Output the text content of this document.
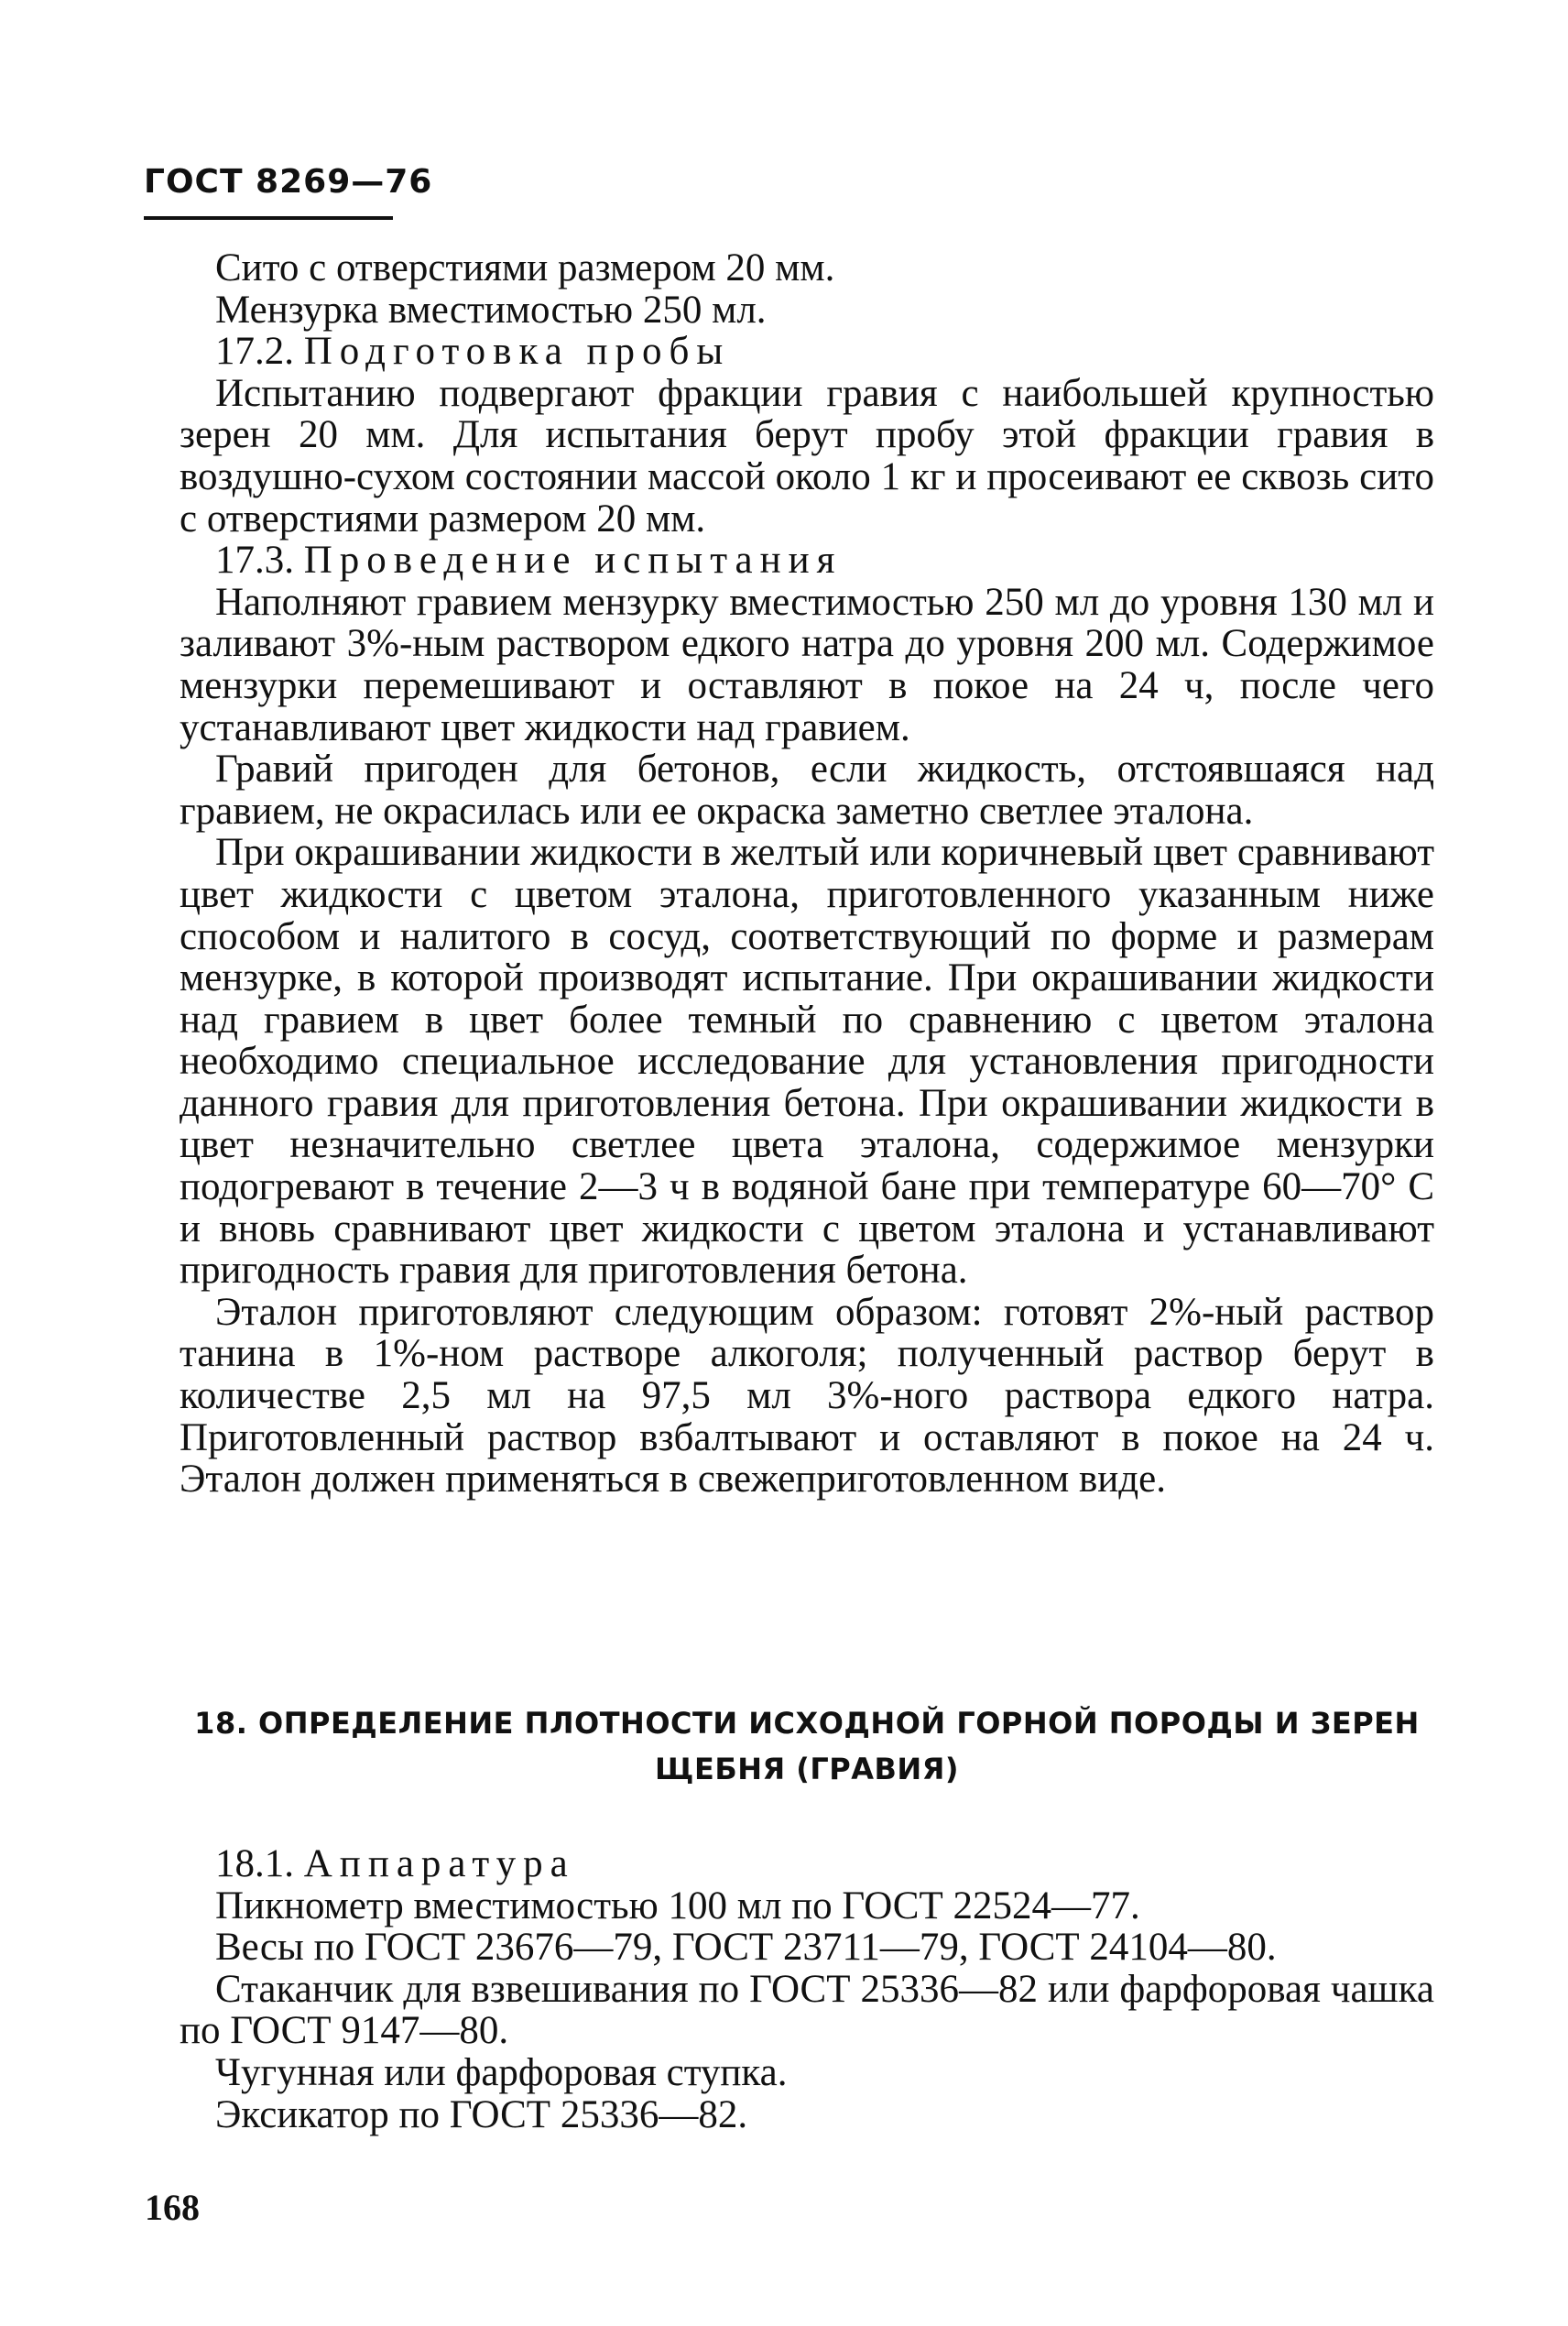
ГОСТ 8269—76

Сито с отверстиями размером 20 мм.

Мензурка вместимостью 250 мл.

17.2. Подготовка пробы

Испытанию подвергают фракции гравия с наибольшей крупностью зерен 20 мм. Для испытания берут пробу этой фракции гравия в воздушно-сухом состоянии массой около 1 кг и просеивают ее сквозь сито с отверстиями размером 20 мм.

17.3. Проведение испытания

Наполняют гравием мензурку вместимостью 250 мл до уровня 130 мл и заливают 3%-ным раствором едкого натра до уровня 200 мл. Содержимое мензурки перемешивают и оставляют в покое на 24 ч, после чего устанавливают цвет жидкости над гравием.

Гравий пригоден для бетонов, если жидкость, отстоявшаяся над гравием, не окрасилась или ее окраска заметно светлее эталона.

При окрашивании жидкости в желтый или коричневый цвет сравнивают цвет жидкости с цветом эталона, приготовленного указанным ниже способом и налитого в сосуд, соответствующий по форме и размерам мензурке, в которой производят испытание. При окрашивании жидкости над гравием в цвет более темный по сравнению с цветом эталона необходимо специальное исследование для установления пригодности данного гравия для приготовления бетона. При окрашивании жидкости в цвет незначительно светлее цвета эталона, содержимое мензурки подогревают в течение 2—3 ч в водяной бане при температуре 60—70° С и вновь сравнивают цвет жидкости с цветом эталона и устанавливают пригодность гравия для приготовления бетона.

Эталон приготовляют следующим образом: готовят 2%-ный раствор танина в 1%-ном растворе алкоголя; полученный раствор берут в количестве 2,5 мл на 97,5 мл 3%-ного раствора едкого натра. Приготовленный раствор взбалтывают и оставляют в покое на 24 ч. Эталон должен применяться в свежеприготовленном виде.

18. ОПРЕДЕЛЕНИЕ ПЛОТНОСТИ ИСХОДНОЙ ГОРНОЙ ПОРОДЫ И ЗЕРЕН ЩЕБНЯ (ГРАВИЯ)

18.1. Аппаратура

Пикнометр вместимостью 100 мл по ГОСТ 22524—77.

Весы по ГОСТ 23676—79, ГОСТ 23711—79, ГОСТ 24104—80.

Стаканчик для взвешивания по ГОСТ 25336—82 или фарфоровая чашка по ГОСТ 9147—80.

Чугунная или фарфоровая ступка.

Эксикатор по ГОСТ 25336—82.

168
